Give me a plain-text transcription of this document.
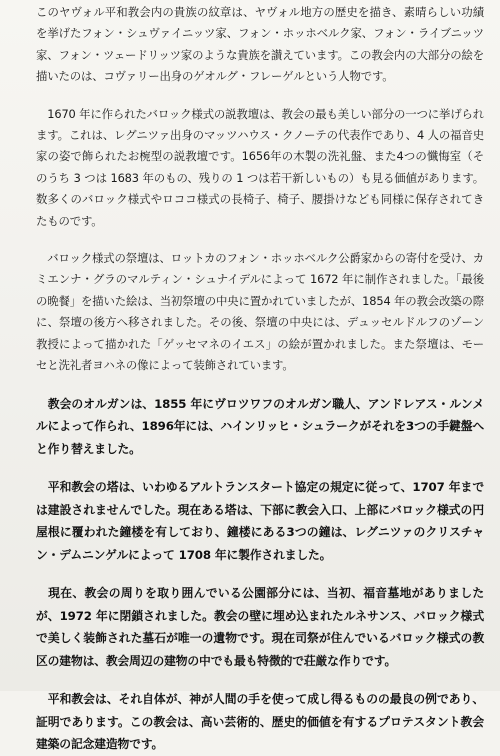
このヤヴォル平和教会内の貴族の紋章は、ヤヴォル地方の歴史を描き、素晴らしい功績を挙げたフォン・シュヴァイニッツ家、フォン・ホッホベルク家、フォン・ライブニッツ家、フォン・ツェードリッツ家のような貴族を讃えています。この教会内の大部分の絵を描いたのは、コヴァリー出身のゲオルグ・フレーゲルという人物です。

　1670 年に作られたバロック様式の説教壇は、教会の最も美しい部分の一つに挙げられます。これは、レグニツァ出身のマッツハウス・クノーテの代表作であり、4 人の福音史家の姿で飾られたお椀型の説教壇です。1656年の木製の洗礼盤、また4つの懺悔室（そのうち 3 つは 1683 年のもの、残りの 1 つは若干新しいもの）も見る価値があります。数多くのバロック様式やロココ様式の長椅子、椅子、腰掛けなども同様に保存されてきたものです。

　バロック様式の祭壇は、ロットカのフォン・ホッホベルク公爵家からの寄付を受け、カミエンナ・グラのマルティン・シュナイデルによって 1672 年に制作されました。「最後の晩餐」を描いた絵は、当初祭壇の中央に置かれていましたが、1854 年の教会改築の際に、祭壇の後方へ移されました。その後、祭壇の中央には、デュッセルドルフのゾーン教授によって描かれた「ゲッセマネのイエス」の絵が置かれました。また祭壇は、モーセと洗礼者ヨハネの像によって装飾されています。

　教会のオルガンは、1855 年にヴロツワフのオルガン職人、アンドレアス・ルンメルによって作られ、1896年には、ハインリッヒ・シュラークがそれを3つの手鍵盤へと作り替えました。

　平和教会の塔は、いわゆるアルトランスタート協定の規定に従って、1707 年までは建設されませんでした。現在ある塔は、下部に教会入口、上部にバロック様式の円屋根に覆われた鐘楼を有しており、鐘楼にある3つの鐘は、レグニツァのクリスチャン・デムニンゲルによって 1708 年に製作されました。

　現在、教会の周りを取り囲んでいる公園部分には、当初、福音墓地がありましたが、1972 年に閉鎖されました。教会の壁に埋め込まれたルネサンス、バロック様式で美しく装飾された墓石が唯一の遺物です。現在司祭が住んでいるバロック様式の教区の建物は、教会周辺の建物の中でも最も特徴的で荘厳な作りです。

　平和教会は、それ自体が、神が人間の手を使って成し得るものの最良の例であり、証明であります。この教会は、高い芸術的、歴史的価値を有するプロテスタント教会建築の記念建造物です。
